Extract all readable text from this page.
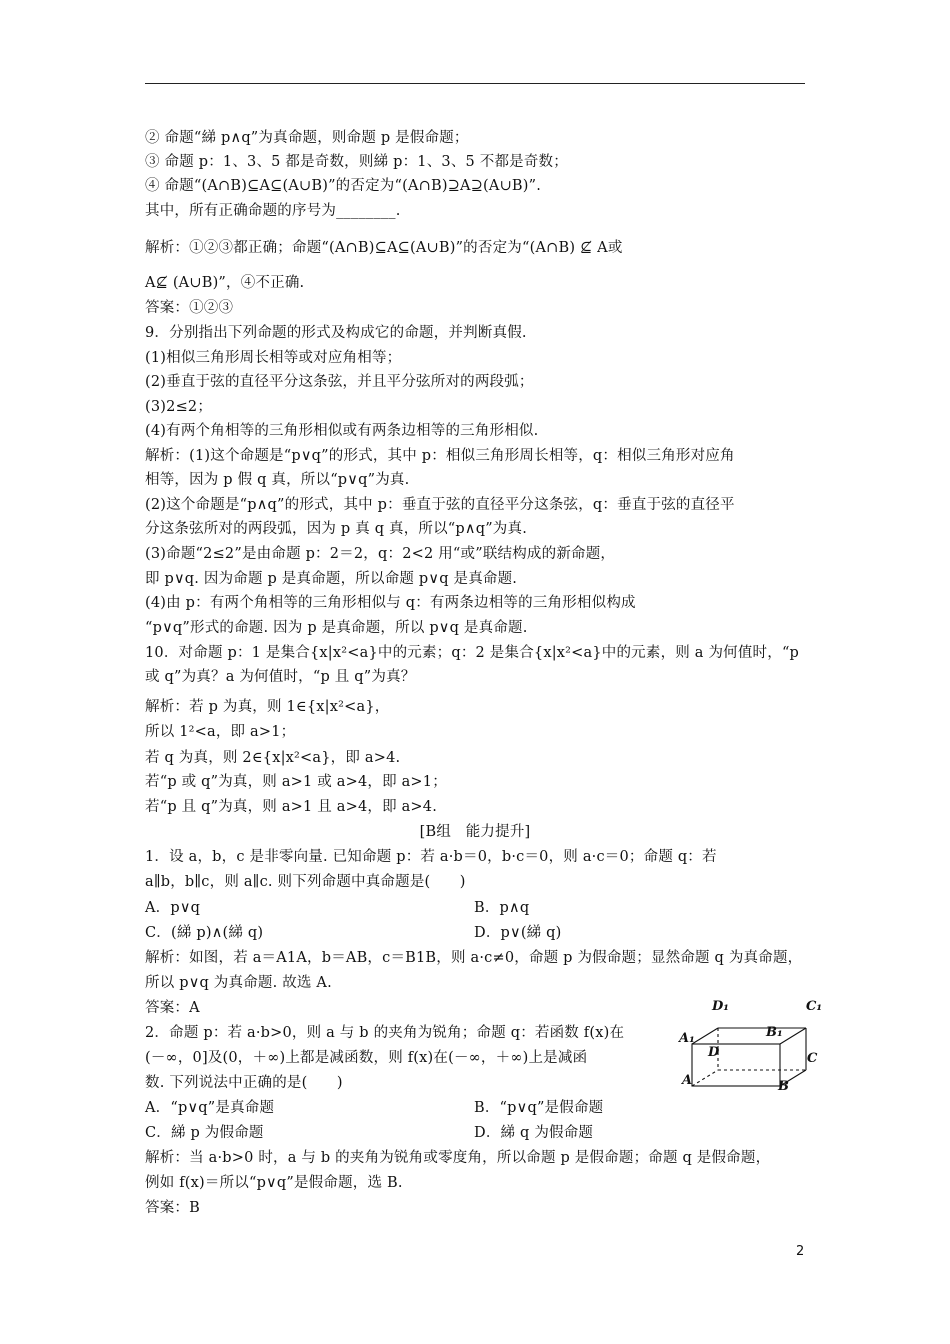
② 命题“綈 p∧q”为真命题，则命题 p 是假命题；
③ 命题 p：1、3、5 都是奇数，则綈 p：1、3、5 不都是奇数；
④ 命题“(A∩B)⊆A⊆(A∪B)”的否定为“(A∩B)⊇A⊇(A∪B)”.
其中，所有正确命题的序号为________.
解析：①②③都正确；命题“(A∩B)⊆A⊆(A∪B)”的否定为“(A∩B) ⊈ A或
A⊈ (A∪B)”，④不正确.
答案：①②③
9．分别指出下列命题的形式及构成它的命题，并判断真假.
(1)相似三角形周长相等或对应角相等；
(2)垂直于弦的直径平分这条弦，并且平分弦所对的两段弧；
(3)2≤2；
(4)有两个角相等的三角形相似或有两条边相等的三角形相似.
解析：(1)这个命题是“p∨q”的形式，其中 p：相似三角形周长相等，q：相似三角形对应角
相等，因为 p 假 q 真，所以“p∨q”为真.
(2)这个命题是“p∧q”的形式，其中 p：垂直于弦的直径平分这条弦，q：垂直于弦的直径平
分这条弦所对的两段弧，因为 p 真 q 真，所以“p∧q”为真.
(3)命题“2≤2”是由命题 p：2＝2，q：2<2 用“或”联结构成的新命题，
即 p∨q. 因为命题 p 是真命题，所以命题 p∨q 是真命题.
(4)由 p：有两个角相等的三角形相似与 q：有两条边相等的三角形相似构成
“p∨q”形式的命题. 因为 p 是真命题，所以 p∨q 是真命题.
10．对命题 p：1 是集合{x|x²<a}中的元素；q：2 是集合{x|x²<a}中的元素，则 a 为何值时，“p
或 q”为真？a 为何值时，“p 且 q”为真？
解析：若 p 为真，则 1∈{x|x²<a}，
所以 1²<a，即 a>1；
若 q 为真，则 2∈{x|x²<a}，即 a>4.
若“p 或 q”为真，则 a>1 或 a>4，即 a>1；
若“p 且 q”为真，则 a>1 且 a>4，即 a>4.
1．设 a，b，c 是非零向量. 已知命题 p：若 a·b＝0，b·c＝0，则 a·c＝0；命题 q：若
a∥b，b∥c，则 a∥c. 则下列命题中真命题是(　　)
解析：如图，若 a＝A1A，b＝AB，c＝B1B，则 a·c≠0，命题 p 为假命题；显然命题 q 为真命题，
所以 p∨q 为真命题. 故选 A.
答案：A
2．命题 p：若 a·b>0，则 a 与 b 的夹角为锐角；命题 q：若函数 f(x)在
(－∞，0]及(0，＋∞)上都是减函数，则 f(x)在(－∞，＋∞)上是减函
数. 下列说法中正确的是(　　)
解析：当 a·b>0 时，a 与 b 的夹角为锐角或零度角，所以命题 p 是假命题；命题 q 是假命题，
例如 f(x)＝所以“p∨q”是假命题，选 B.
答案：B
[B组　能力提升]
A．p∨q	B．p∧q
C．(綈 p)∧(綈 q)	D．p∨(綈 q)
A．“p∨q”是真命题	B．“p∨q”是假命题
C．綈 p 为假命题	D．綈 q 为假命题
D₁	C₁
A₁	B₁
D	C
A	B
2
